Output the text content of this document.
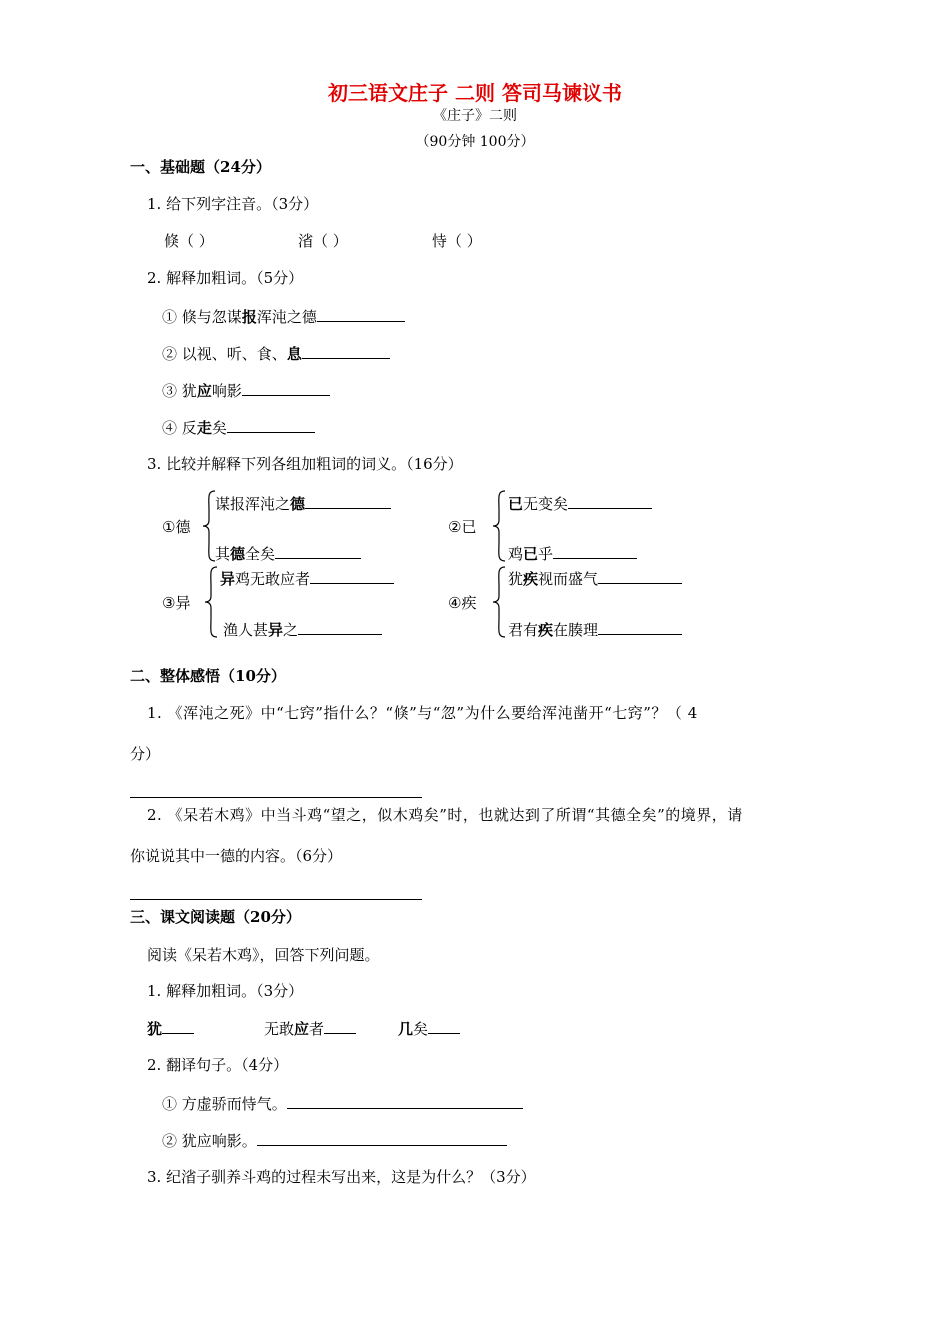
初三语文庄子 二则 答司马谏议书
《庄子》二则
（90分钟 100分）
一、基础题（24分）
1. 给下列字注音。（3分）
倏（ ）	渻（ ）	恃（ ）
2. 解释加粗词。（5分）
① 倏与忽谋报浑沌之德
② 以视、听、食、息
③ 犹应响影
④ 反走矣
3. 比较并解释下列各组加粗词的词义。（16分）
①德
谋报浑沌之德
其德全矣
②已
已无变矣
鸡已乎
③异
异鸡无敢应者
渔人甚异之
④疾
犹疾视而盛气
君有疾在腠理
二、整体感悟（10分）
1. 《浑沌之死》中“七窍”指什么？“倏”与“忽”为什么要给浑沌凿开“七窍”？（ 4
分）
2. 《呆若木鸡》中当斗鸡“望之，似木鸡矣”时，也就达到了所谓“其德全矣”的境界，请
你说说其中一德的内容。（6分）
三、课文阅读题（20分）
阅读《呆若木鸡》，回答下列问题。
1. 解释加粗词。（3分）
犹	无敢应者	几矣
2. 翻译句子。（4分）
① 方虚骄而恃气。
② 犹应响影。
3. 纪渻子驯养斗鸡的过程未写出来，这是为什么？（3分）
